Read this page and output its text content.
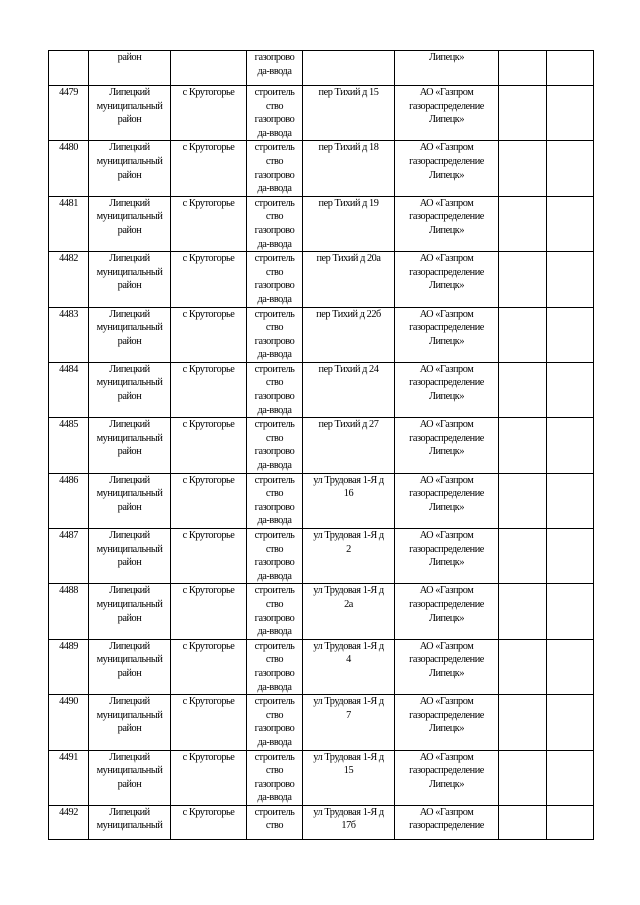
	район		газопрово
да-ввода		Липецк»		
4479	Липецкий муниципальный район	с Крутогорье	строитель
ство
газопрово
да-ввода	пер Тихий д 15	АО «Газпром газораспределение Липецк»		
4480	Липецкий муниципальный район	с Крутогорье	строитель
ство
газопрово
да-ввода	пер Тихий д 18	АО «Газпром газораспределение Липецк»		
4481	Липецкий муниципальный район	с Крутогорье	строитель
ство
газопрово
да-ввода	пер Тихий д 19	АО «Газпром газораспределение Липецк»		
4482	Липецкий муниципальный район	с Крутогорье	строитель
ство
газопрово
да-ввода	пер Тихий д 20а	АО «Газпром газораспределение Липецк»		
4483	Липецкий муниципальный район	с Крутогорье	строитель
ство
газопрово
да-ввода	пер Тихий д 22б	АО «Газпром газораспределение Липецк»		
4484	Липецкий муниципальный район	с Крутогорье	строитель
ство
газопрово
да-ввода	пер Тихий д 24	АО «Газпром газораспределение Липецк»		
4485	Липецкий муниципальный район	с Крутогорье	строитель
ство
газопрово
да-ввода	пер Тихий д 27	АО «Газпром газораспределение Липецк»		
4486	Липецкий муниципальный район	с Крутогорье	строитель
ство
газопрово
да-ввода	ул Трудовая 1-Я д
16	АО «Газпром газораспределение Липецк»		
4487	Липецкий муниципальный район	с Крутогорье	строитель
ство
газопрово
да-ввода	ул Трудовая 1-Я д
2	АО «Газпром газораспределение Липецк»		
4488	Липецкий муниципальный район	с Крутогорье	строитель
ство
газопрово
да-ввода	ул Трудовая 1-Я д
2а	АО «Газпром газораспределение Липецк»		
4489	Липецкий муниципальный район	с Крутогорье	строитель
ство
газопрово
да-ввода	ул Трудовая 1-Я д
4	АО «Газпром газораспределение Липецк»		
4490	Липецкий муниципальный район	с Крутогорье	строитель
ство
газопрово
да-ввода	ул Трудовая 1-Я д
7	АО «Газпром газораспределение Липецк»		
4491	Липецкий муниципальный район	с Крутогорье	строитель
ство
газопрово
да-ввода	ул Трудовая 1-Я д
15	АО «Газпром газораспределение Липецк»		
4492	Липецкий муниципальный	с Крутогорье	строитель
ство	ул Трудовая 1-Я д
17б	АО «Газпром газораспределение		
